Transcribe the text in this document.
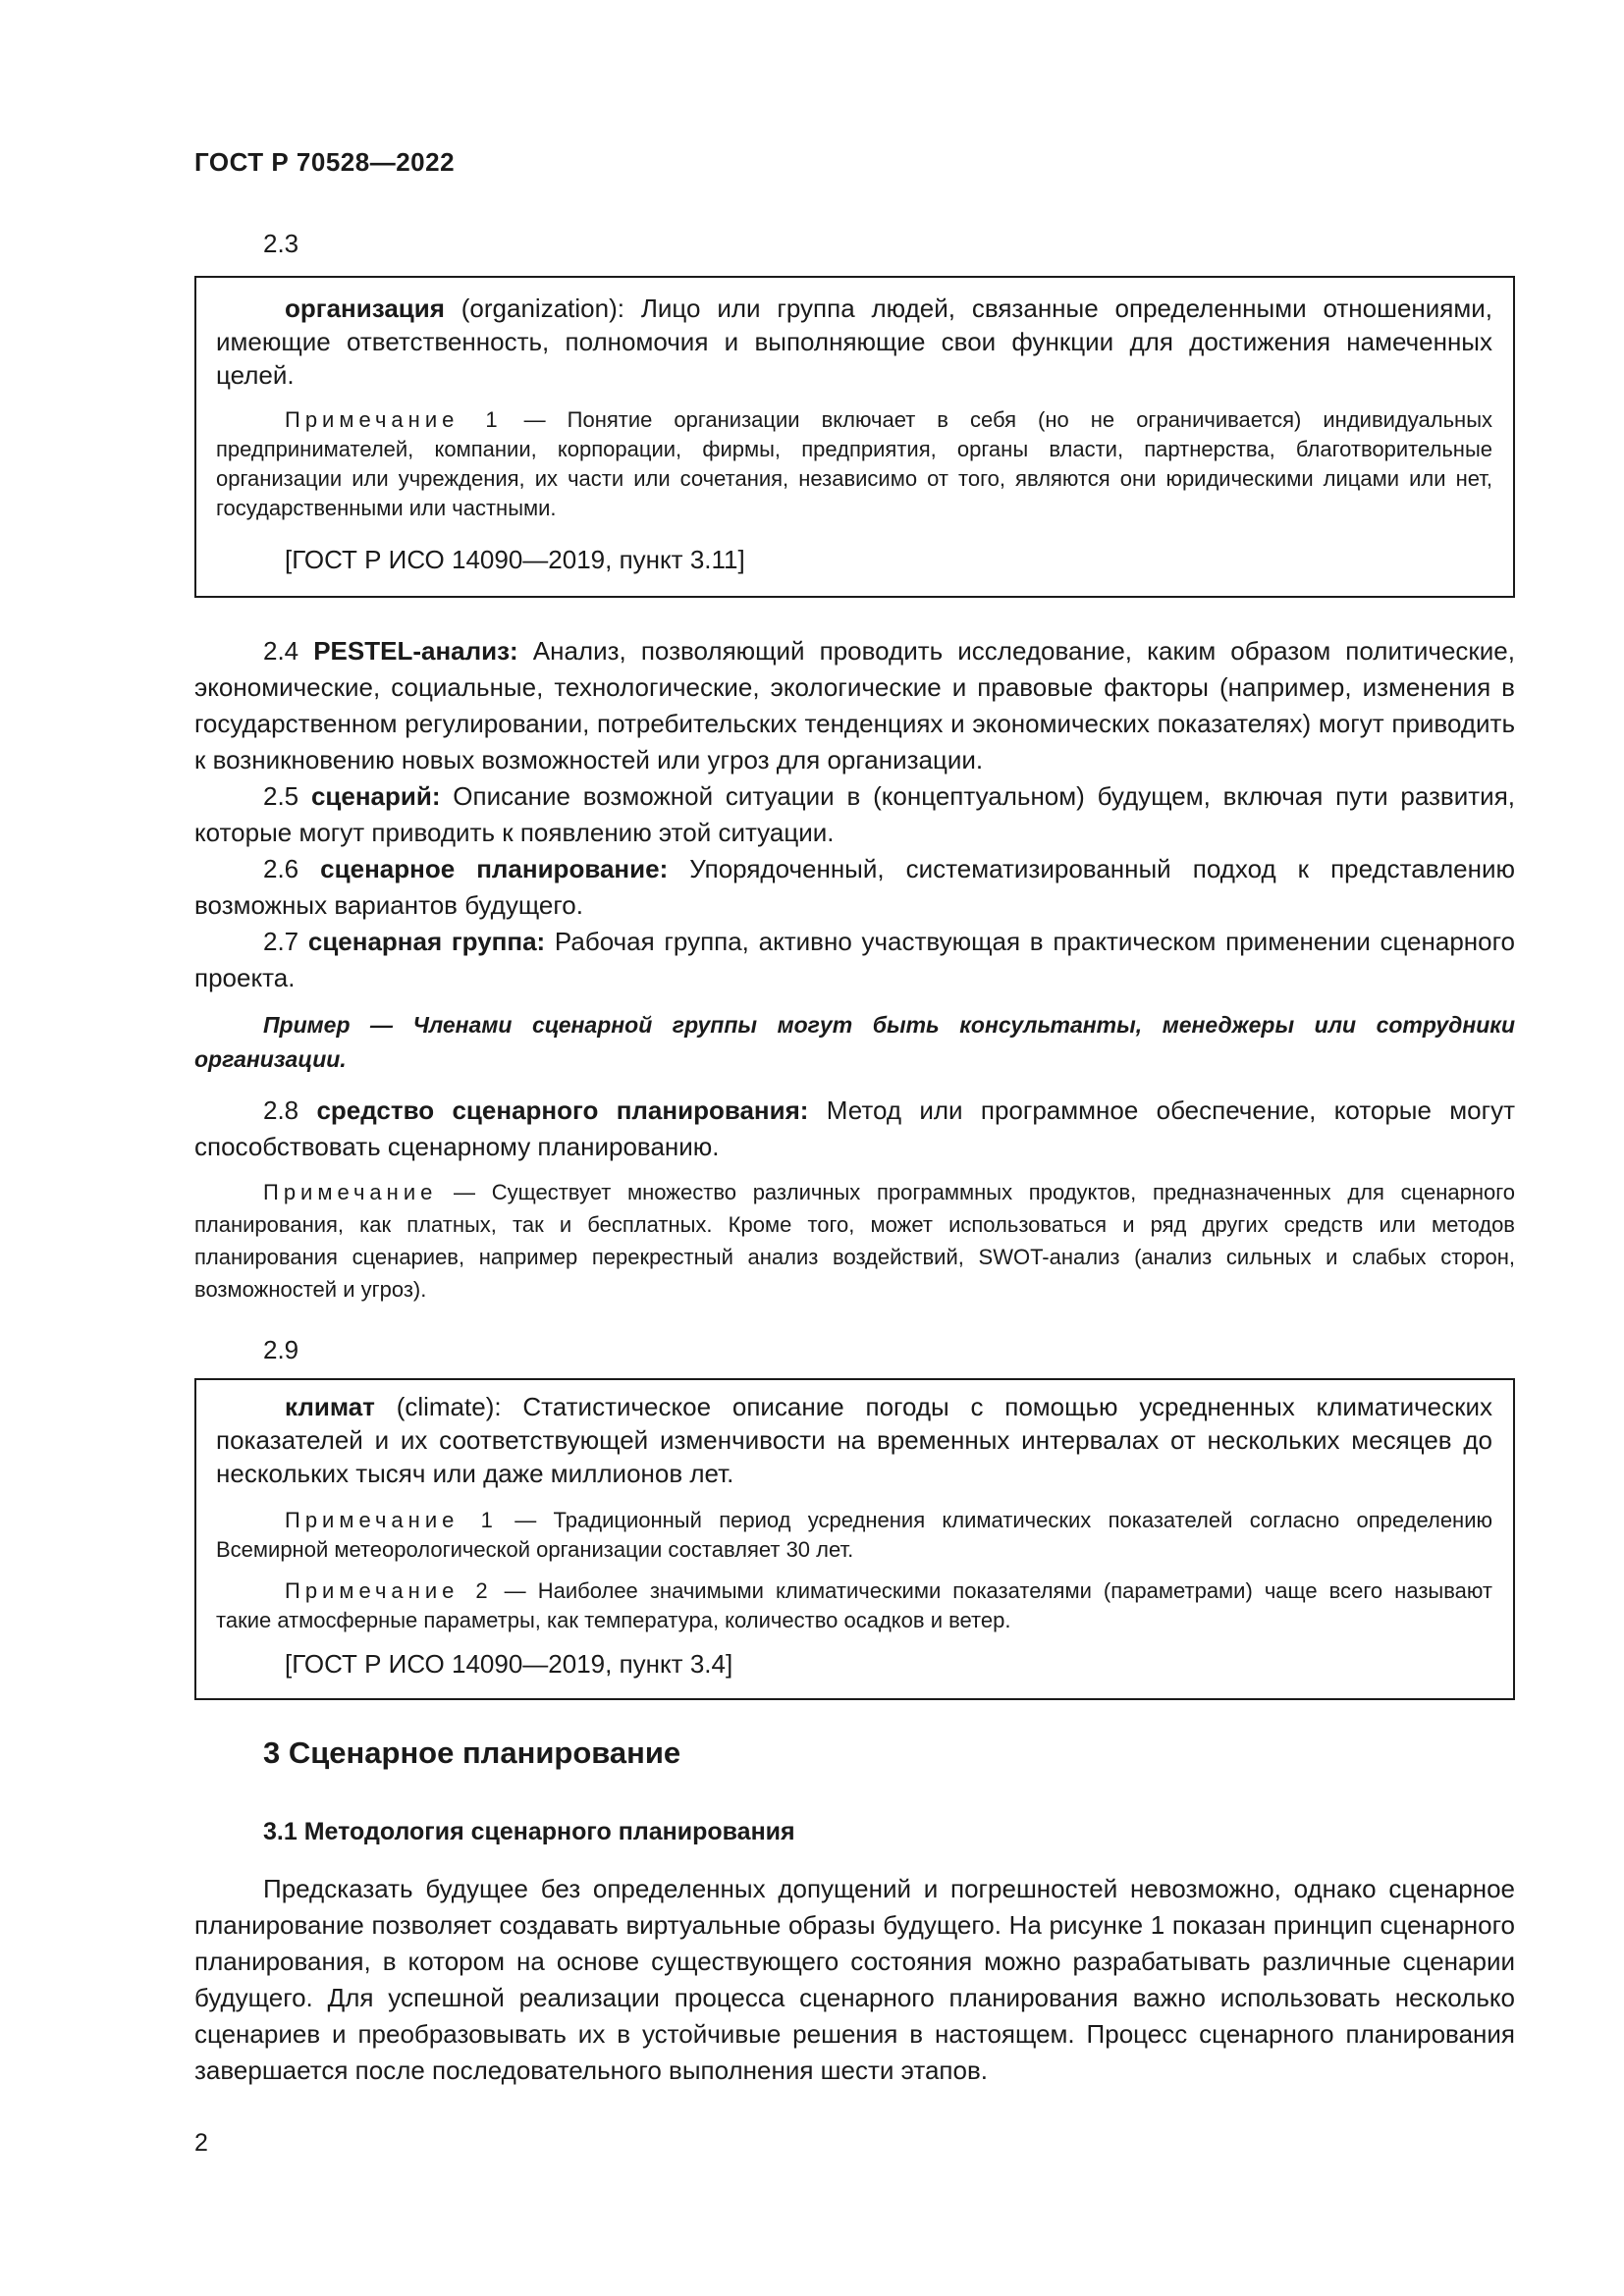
ГОСТ Р 70528—2022
2.3

организация (organization): Лицо или группа людей, связанные определенными отношениями, имеющие ответственность, полномочия и выполняющие свои функции для достижения намеченных целей.

Примечание 1 — Понятие организации включает в себя (но не ограничивается) индивидуальных предпринимателей, компании, корпорации, фирмы, предприятия, органы власти, партнерства, благотворительные организации или учреждения, их части или сочетания, независимо от того, являются они юридическими лицами или нет, государственными или частными.

[ГОСТ Р ИСО 14090—2019, пункт 3.11]

2.4 PESTEL-анализ: Анализ, позволяющий проводить исследование, каким образом политические, экономические, социальные, технологические, экологические и правовые факторы (например, изменения в государственном регулировании, потребительских тенденциях и экономических показателях) могут приводить к возникновению новых возможностей или угроз для организации.

2.5 сценарий: Описание возможной ситуации в (концептуальном) будущем, включая пути развития, которые могут приводить к появлению этой ситуации.

2.6 сценарное планирование: Упорядоченный, систематизированный подход к представлению возможных вариантов будущего.

2.7 сценарная группа: Рабочая группа, активно участвующая в практическом применении сценарного проекта.

Пример — Членами сценарной группы могут быть консультанты, менеджеры или сотрудники организации.

2.8 средство сценарного планирования: Метод или программное обеспечение, которые могут способствовать сценарному планированию.

Примечание — Существует множество различных программных продуктов, предназначенных для сценарного планирования, как платных, так и бесплатных. Кроме того, может использоваться и ряд других средств или методов планирования сценариев, например перекрестный анализ воздействий, SWOT-анализ (анализ сильных и слабых сторон, возможностей и угроз).

2.9

климат (climate): Статистическое описание погоды с помощью усредненных климатических показателей и их соответствующей изменчивости на временных интервалах от нескольких месяцев до нескольких тысяч или даже миллионов лет.

Примечание 1 — Традиционный период усреднения климатических показателей согласно определению Всемирной метеорологической организации составляет 30 лет.

Примечание 2 — Наиболее значимыми климатическими показателями (параметрами) чаще всего называют такие атмосферные параметры, как температура, количество осадков и ветер.

[ГОСТ Р ИСО 14090—2019, пункт 3.4]

3 Сценарное планирование
3.1 Методология сценарного планирования

Предсказать будущее без определенных допущений и погрешностей невозможно, однако сценарное планирование позволяет создавать виртуальные образы будущего. На рисунке 1 показан принцип сценарного планирования, в котором на основе существующего состояния можно разрабатывать различные сценарии будущего. Для успешной реализации процесса сценарного планирования важно использовать несколько сценариев и преобразовывать их в устойчивые решения в настоящем. Процесс сценарного планирования завершается после последовательного выполнения шести этапов.

2
